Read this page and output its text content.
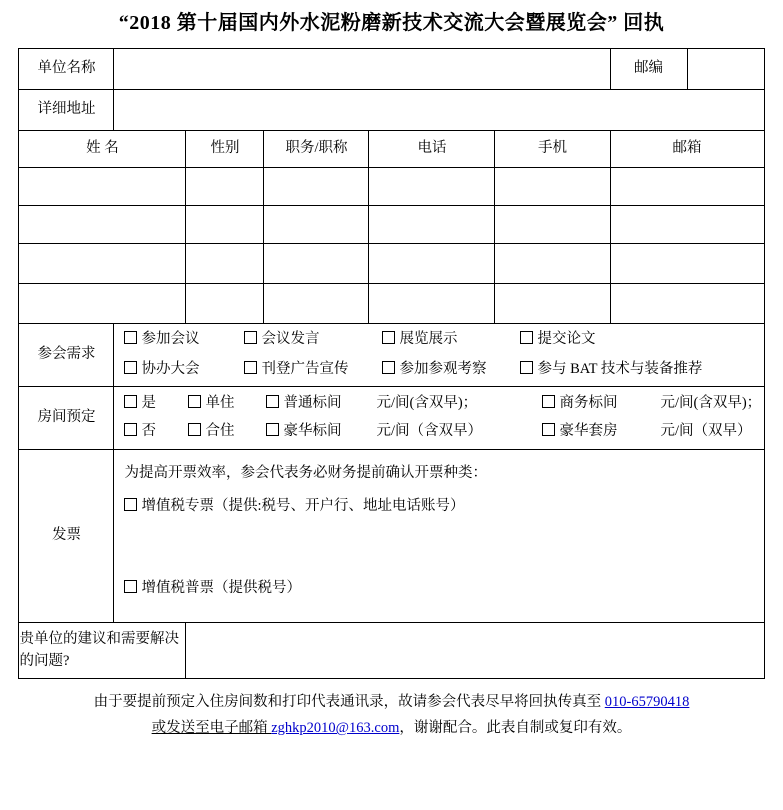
“2018 第十届国内外水泥粉磨新技术交流大会暨展览会” 回执
单位名称						邮编	
详细地址							
姓 名		性别	职务/职称	电话	手机	邮箱	

参会需求	
参加会议	会议发言	展览展示	提交论文
协办大会	刊登广告宣传	参加参观考察	参与 BAT 技术与装备推荐

房间预定	
是	单住	普通标间	元/间(含双早)；	商务标间	元/间(含双早)；
否	合住	豪华标间	元/间（含双早）	豪华套房	元/间（双早）

发票	为提高开票效率，参会代表务必财务提前确认开票种类：
增值税专票（提供:税号、开户行、地址电话账号）
增值税普票（提供税号）						

贵单位的建议和需要解决的问题?							
由于要提前预定入住房间数和打印代表通讯录，故请参会代表尽早将回执传真至 010-65790418
或发送至电子邮箱 zghkp2010@163.com，谢谢配合。此表自制或复印有效。
